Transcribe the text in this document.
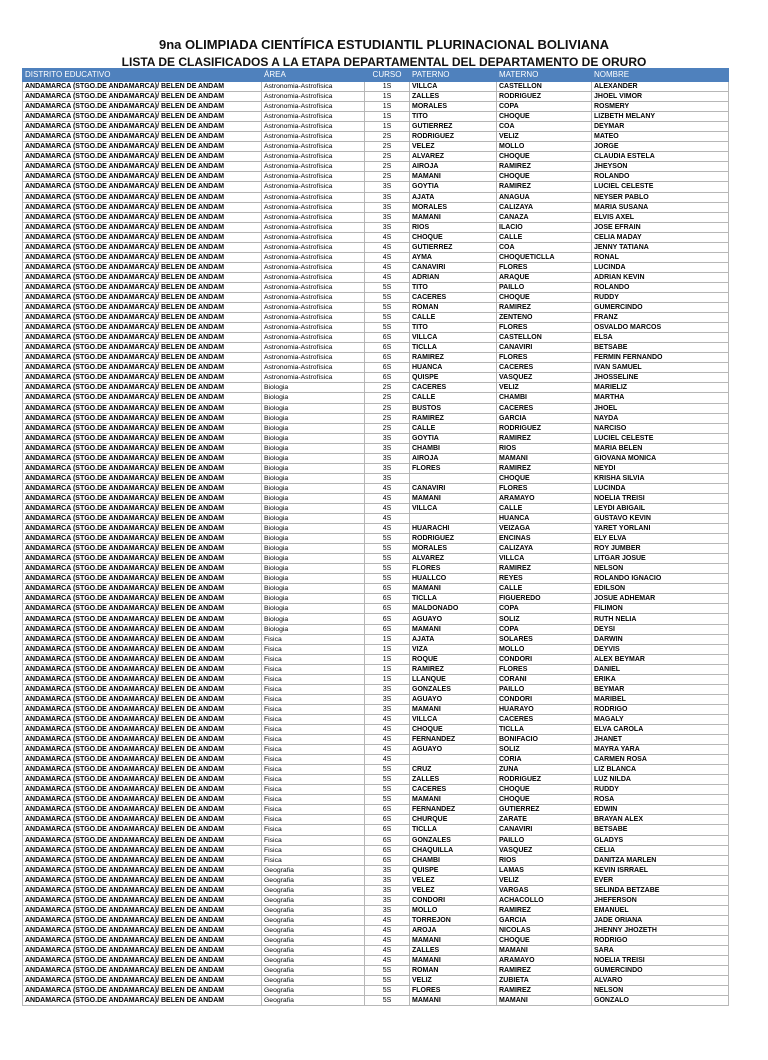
9na OLIMPIADA CIENTÍFICA ESTUDIANTIL PLURINACIONAL BOLIVIANA
LISTA DE CLASIFICADOS A LA ETAPA DEPARTAMENTAL DEL DEPARTAMENTO DE ORURO
DISTRITO EDUCATIVO	ÁREA	CURSO	PATERNO	MATERNO	NOMBRE
ANDAMARCA (STGO.DE ANDAMARCA)/ BELEN DE ANDAM	Astronomia-Astrofísica	1S	VILLCA	CASTELLON	ALEXANDER
ANDAMARCA (STGO.DE ANDAMARCA)/ BELEN DE ANDAM	Astronomia-Astrofísica	1S	ZALLES	RODRIGUEZ	JHOEL VIMOR
ANDAMARCA (STGO.DE ANDAMARCA)/ BELEN DE ANDAM	Astronomia-Astrofísica	1S	MORALES	COPA	ROSMERY
ANDAMARCA (STGO.DE ANDAMARCA)/ BELEN DE ANDAM	Astronomia-Astrofísica	1S	TITO	CHOQUE	LIZBETH MELANY
ANDAMARCA (STGO.DE ANDAMARCA)/ BELEN DE ANDAM	Astronomia-Astrofísica	1S	GUTIERREZ	COA	DEYMAR
ANDAMARCA (STGO.DE ANDAMARCA)/ BELEN DE ANDAM	Astronomia-Astrofísica	2S	RODRIGUEZ	VELIZ	MATEO
ANDAMARCA (STGO.DE ANDAMARCA)/ BELEN DE ANDAM	Astronomia-Astrofísica	2S	VELEZ	MOLLO	JORGE
ANDAMARCA (STGO.DE ANDAMARCA)/ BELEN DE ANDAM	Astronomia-Astrofísica	2S	ALVAREZ	CHOQUE	CLAUDIA ESTELA
ANDAMARCA (STGO.DE ANDAMARCA)/ BELEN DE ANDAM	Astronomia-Astrofísica	2S	AIROJA	RAMIREZ	JHEYSON
ANDAMARCA (STGO.DE ANDAMARCA)/ BELEN DE ANDAM	Astronomia-Astrofísica	2S	MAMANI	CHOQUE	ROLANDO
ANDAMARCA (STGO.DE ANDAMARCA)/ BELEN DE ANDAM	Astronomia-Astrofísica	3S	GOYTIA	RAMIREZ	LUCIEL CELESTE
ANDAMARCA (STGO.DE ANDAMARCA)/ BELEN DE ANDAM	Astronomia-Astrofísica	3S	AJATA	ANAGUA	NEYSER PABLO
ANDAMARCA (STGO.DE ANDAMARCA)/ BELEN DE ANDAM	Astronomia-Astrofísica	3S	MORALES	CALIZAYA	MARIA SUSANA
ANDAMARCA (STGO.DE ANDAMARCA)/ BELEN DE ANDAM	Astronomia-Astrofísica	3S	MAMANI	CANAZA	ELVIS AXEL
ANDAMARCA (STGO.DE ANDAMARCA)/ BELEN DE ANDAM	Astronomia-Astrofísica	3S	RIOS	ILACIO	JOSE EFRAIN
ANDAMARCA (STGO.DE ANDAMARCA)/ BELEN DE ANDAM	Astronomia-Astrofísica	4S	CHOQUE	CALLE	CELIA MADAY
ANDAMARCA (STGO.DE ANDAMARCA)/ BELEN DE ANDAM	Astronomia-Astrofísica	4S	GUTIERREZ	COA	JENNY TATIANA
ANDAMARCA (STGO.DE ANDAMARCA)/ BELEN DE ANDAM	Astronomia-Astrofísica	4S	AYMA	CHOQUETICLLA	RONAL
ANDAMARCA (STGO.DE ANDAMARCA)/ BELEN DE ANDAM	Astronomia-Astrofísica	4S	CANAVIRI	FLORES	LUCINDA
ANDAMARCA (STGO.DE ANDAMARCA)/ BELEN DE ANDAM	Astronomia-Astrofísica	4S	ADRIAN	ARAQUE	ADRIAN KEVIN
ANDAMARCA (STGO.DE ANDAMARCA)/ BELEN DE ANDAM	Astronomia-Astrofísica	5S	TITO	PAILLO	ROLANDO
ANDAMARCA (STGO.DE ANDAMARCA)/ BELEN DE ANDAM	Astronomia-Astrofísica	5S	CACERES	CHOQUE	RUDDY
ANDAMARCA (STGO.DE ANDAMARCA)/ BELEN DE ANDAM	Astronomia-Astrofísica	5S	ROMAN	RAMIREZ	GUMERCINDO
ANDAMARCA (STGO.DE ANDAMARCA)/ BELEN DE ANDAM	Astronomia-Astrofísica	5S	CALLE	ZENTENO	FRANZ
ANDAMARCA (STGO.DE ANDAMARCA)/ BELEN DE ANDAM	Astronomia-Astrofísica	5S	TITO	FLORES	OSVALDO MARCOS
ANDAMARCA (STGO.DE ANDAMARCA)/ BELEN DE ANDAM	Astronomia-Astrofísica	6S	VILLCA	CASTELLON	ELSA
ANDAMARCA (STGO.DE ANDAMARCA)/ BELEN DE ANDAM	Astronomia-Astrofísica	6S	TICLLA	CANAVIRI	BETSABE
ANDAMARCA (STGO.DE ANDAMARCA)/ BELEN DE ANDAM	Astronomia-Astrofísica	6S	RAMIREZ	FLORES	FERMIN FERNANDO
ANDAMARCA (STGO.DE ANDAMARCA)/ BELEN DE ANDAM	Astronomia-Astrofísica	6S	HUANCA	CACERES	IVAN SAMUEL
ANDAMARCA (STGO.DE ANDAMARCA)/ BELEN DE ANDAM	Astronomia-Astrofísica	6S	QUISPE	VASQUEZ	JHOSSELINE
ANDAMARCA (STGO.DE ANDAMARCA)/ BELEN DE ANDAM	Biologia	2S	CACERES	VELIZ	MARIELIZ
ANDAMARCA (STGO.DE ANDAMARCA)/ BELEN DE ANDAM	Biologia	2S	CALLE	CHAMBI	MARTHA
ANDAMARCA (STGO.DE ANDAMARCA)/ BELEN DE ANDAM	Biologia	2S	BUSTOS	CACERES	JHOEL
ANDAMARCA (STGO.DE ANDAMARCA)/ BELEN DE ANDAM	Biologia	2S	RAMIREZ	GARCIA	NAYDA
ANDAMARCA (STGO.DE ANDAMARCA)/ BELEN DE ANDAM	Biologia	2S	CALLE	RODRIGUEZ	NARCISO
ANDAMARCA (STGO.DE ANDAMARCA)/ BELEN DE ANDAM	Biologia	3S	GOYTIA	RAMIREZ	LUCIEL CELESTE
ANDAMARCA (STGO.DE ANDAMARCA)/ BELEN DE ANDAM	Biologia	3S	CHAMBI	RIOS	MARIA BELEN
ANDAMARCA (STGO.DE ANDAMARCA)/ BELEN DE ANDAM	Biologia	3S	AIROJA	MAMANI	GIOVANA MONICA
ANDAMARCA (STGO.DE ANDAMARCA)/ BELEN DE ANDAM	Biologia	3S	FLORES	RAMIREZ	NEYDI
ANDAMARCA (STGO.DE ANDAMARCA)/ BELEN DE ANDAM	Biologia	3S		CHOQUE	KRISHA SILVIA
ANDAMARCA (STGO.DE ANDAMARCA)/ BELEN DE ANDAM	Biologia	4S	CANAVIRI	FLORES	LUCINDA
ANDAMARCA (STGO.DE ANDAMARCA)/ BELEN DE ANDAM	Biologia	4S	MAMANI	ARAMAYO	NOELIA TREISI
ANDAMARCA (STGO.DE ANDAMARCA)/ BELEN DE ANDAM	Biologia	4S	VILLCA	CALLE	LEYDI ABIGAIL
ANDAMARCA (STGO.DE ANDAMARCA)/ BELEN DE ANDAM	Biologia	4S		HUANCA	GUSTAVO KEVIN
ANDAMARCA (STGO.DE ANDAMARCA)/ BELEN DE ANDAM	Biologia	4S	HUARACHI	VEIZAGA	YARET YORLANI
ANDAMARCA (STGO.DE ANDAMARCA)/ BELEN DE ANDAM	Biologia	5S	RODRIGUEZ	ENCINAS	ELY ELVA
ANDAMARCA (STGO.DE ANDAMARCA)/ BELEN DE ANDAM	Biologia	5S	MORALES	CALIZAYA	ROY JUMBER
ANDAMARCA (STGO.DE ANDAMARCA)/ BELEN DE ANDAM	Biologia	5S	ALVAREZ	VILLCA	LITGAR JOSUE
ANDAMARCA (STGO.DE ANDAMARCA)/ BELEN DE ANDAM	Biologia	5S	FLORES	RAMIREZ	NELSON
ANDAMARCA (STGO.DE ANDAMARCA)/ BELEN DE ANDAM	Biologia	5S	HUALLCO	REYES	ROLANDO IGNACIO
ANDAMARCA (STGO.DE ANDAMARCA)/ BELEN DE ANDAM	Biologia	6S	MAMANI	CALLE	EDILSON
ANDAMARCA (STGO.DE ANDAMARCA)/ BELEN DE ANDAM	Biologia	6S	TICLLA	FIGUEREDO	JOSUE ADHEMAR
ANDAMARCA (STGO.DE ANDAMARCA)/ BELEN DE ANDAM	Biologia	6S	MALDONADO	COPA	FILIMON
ANDAMARCA (STGO.DE ANDAMARCA)/ BELEN DE ANDAM	Biologia	6S	AGUAYO	SOLIZ	RUTH NELIA
ANDAMARCA (STGO.DE ANDAMARCA)/ BELEN DE ANDAM	Biologia	6S	MAMANI	COPA	DEYSI
ANDAMARCA (STGO.DE ANDAMARCA)/ BELEN DE ANDAM	Fisica	1S	AJATA	SOLARES	DARWIN
ANDAMARCA (STGO.DE ANDAMARCA)/ BELEN DE ANDAM	Fisica	1S	VIZA	MOLLO	DEYVIS
ANDAMARCA (STGO.DE ANDAMARCA)/ BELEN DE ANDAM	Fisica	1S	ROQUE	CONDORI	ALEX BEYMAR
ANDAMARCA (STGO.DE ANDAMARCA)/ BELEN DE ANDAM	Fisica	1S	RAMIREZ	FLORES	DANIEL
ANDAMARCA (STGO.DE ANDAMARCA)/ BELEN DE ANDAM	Fisica	1S	LLANQUE	CORANI	ERIKA
ANDAMARCA (STGO.DE ANDAMARCA)/ BELEN DE ANDAM	Fisica	3S	GONZALES	PAILLO	BEYMAR
ANDAMARCA (STGO.DE ANDAMARCA)/ BELEN DE ANDAM	Fisica	3S	AGUAYO	CONDORI	MARIBEL
ANDAMARCA (STGO.DE ANDAMARCA)/ BELEN DE ANDAM	Fisica	3S	MAMANI	HUARAYO	RODRIGO
ANDAMARCA (STGO.DE ANDAMARCA)/ BELEN DE ANDAM	Fisica	4S	VILLCA	CACERES	MAGALY
ANDAMARCA (STGO.DE ANDAMARCA)/ BELEN DE ANDAM	Fisica	4S	CHOQUE	TICLLA	ELVA CAROLA
ANDAMARCA (STGO.DE ANDAMARCA)/ BELEN DE ANDAM	Fisica	4S	FERNANDEZ	BONIFACIO	JHANET
ANDAMARCA (STGO.DE ANDAMARCA)/ BELEN DE ANDAM	Fisica	4S	AGUAYO	SOLIZ	MAYRA YARA
ANDAMARCA (STGO.DE ANDAMARCA)/ BELEN DE ANDAM	Fisica	4S		CORIA	CARMEN ROSA
ANDAMARCA (STGO.DE ANDAMARCA)/ BELEN DE ANDAM	Fisica	5S	CRUZ	ZUNA	LIZ BLANCA
ANDAMARCA (STGO.DE ANDAMARCA)/ BELEN DE ANDAM	Fisica	5S	ZALLES	RODRIGUEZ	LUZ NILDA
ANDAMARCA (STGO.DE ANDAMARCA)/ BELEN DE ANDAM	Fisica	5S	CACERES	CHOQUE	RUDDY
ANDAMARCA (STGO.DE ANDAMARCA)/ BELEN DE ANDAM	Fisica	5S	MAMANI	CHOQUE	ROSA
ANDAMARCA (STGO.DE ANDAMARCA)/ BELEN DE ANDAM	Fisica	6S	FERNANDEZ	GUTIERREZ	EDWIN
ANDAMARCA (STGO.DE ANDAMARCA)/ BELEN DE ANDAM	Fisica	6S	CHURQUE	ZARATE	BRAYAN ALEX
ANDAMARCA (STGO.DE ANDAMARCA)/ BELEN DE ANDAM	Fisica	6S	TICLLA	CANAVIRI	BETSABE
ANDAMARCA (STGO.DE ANDAMARCA)/ BELEN DE ANDAM	Fisica	6S	GONZALES	PAILLO	GLADYS
ANDAMARCA (STGO.DE ANDAMARCA)/ BELEN DE ANDAM	Fisica	6S	CHAQUILLA	VASQUEZ	CELIA
ANDAMARCA (STGO.DE ANDAMARCA)/ BELEN DE ANDAM	Fisica	6S	CHAMBI	RIOS	DANITZA MARLEN
ANDAMARCA (STGO.DE ANDAMARCA)/ BELEN DE ANDAM	Geografia	3S	QUISPE	LAMAS	KEVIN ISRRAEL
ANDAMARCA (STGO.DE ANDAMARCA)/ BELEN DE ANDAM	Geografia	3S	VELEZ	VELIZ	EVER
ANDAMARCA (STGO.DE ANDAMARCA)/ BELEN DE ANDAM	Geografia	3S	VELEZ	VARGAS	SELINDA BETZABE
ANDAMARCA (STGO.DE ANDAMARCA)/ BELEN DE ANDAM	Geografia	3S	CONDORI	ACHACOLLO	JHEFERSON
ANDAMARCA (STGO.DE ANDAMARCA)/ BELEN DE ANDAM	Geografia	3S	MOLLO	RAMIREZ	EMANUEL
ANDAMARCA (STGO.DE ANDAMARCA)/ BELEN DE ANDAM	Geografia	4S	TORREJON	GARCIA	JADE ORIANA
ANDAMARCA (STGO.DE ANDAMARCA)/ BELEN DE ANDAM	Geografia	4S	AROJA	NICOLAS	JHENNY JHOZETH
ANDAMARCA (STGO.DE ANDAMARCA)/ BELEN DE ANDAM	Geografia	4S	MAMANI	CHOQUE	RODRIGO
ANDAMARCA (STGO.DE ANDAMARCA)/ BELEN DE ANDAM	Geografia	4S	ZALLES	MAMANI	SARA
ANDAMARCA (STGO.DE ANDAMARCA)/ BELEN DE ANDAM	Geografia	4S	MAMANI	ARAMAYO	NOELIA TREISI
ANDAMARCA (STGO.DE ANDAMARCA)/ BELEN DE ANDAM	Geografia	5S	ROMAN	RAMIREZ	GUMERCINDO
ANDAMARCA (STGO.DE ANDAMARCA)/ BELEN DE ANDAM	Geografia	5S	VELIZ	ZUBIETA	ALVARO
ANDAMARCA (STGO.DE ANDAMARCA)/ BELEN DE ANDAM	Geografia	5S	FLORES	RAMIREZ	NELSON
ANDAMARCA (STGO.DE ANDAMARCA)/ BELEN DE ANDAM	Geografia	5S	MAMANI	MAMANI	GONZALO
